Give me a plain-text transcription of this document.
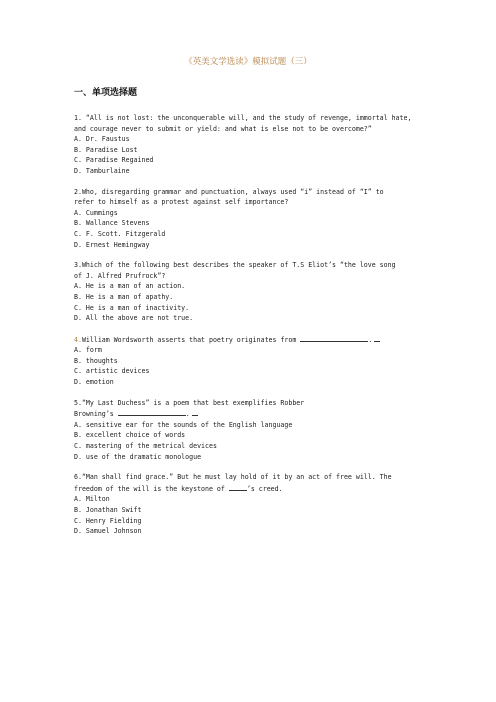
《英美文学选读》模拟试题（三）
一、单项选择题

1. “All is not lost: the unconquerable will, and the study of revenge, immortal hate,

and courage never to submit or yield: and what is else not to be overcome?”

A. Dr. Faustus

B. Paradise Lost

C. Paradise Regained

D. Tamburlaine

2.Who, disregarding grammar and punctuation, always used “i” instead of “I” to

refer to himself as a protest against self importance?

A. Cummings

B. Wallance Stevens

C. F. Scott. Fitzgerald

D. Ernest Hemingway

3.Which of the following best describes the speaker of T.S Eliot’s “the love song

of J. Alfred Prufrock”?

A. He is a man of an action.

B. He is a man of apathy.

C. He is a man of inactivity.

D. All the above are not true.

4.William Wordsworth asserts that poetry originates from	.

A. form

B. thoughts

C. artistic devices

D. emotion

5.“My Last Duchess” is a poem that best exemplifies Robber

Browning’s	.

A. sensitive ear for the sounds of the English language

B. excellent choice of words

C. mastering of the metrical devices

D. use of the dramatic monologue

6.“Man shall find grace.” But he must lay hold of it by an act of free will. The

freedom of the will is the keystone of	’s creed.

A. Milton

B. Jonathan Swift

C. Henry Fielding

D. Samuel Johnson
